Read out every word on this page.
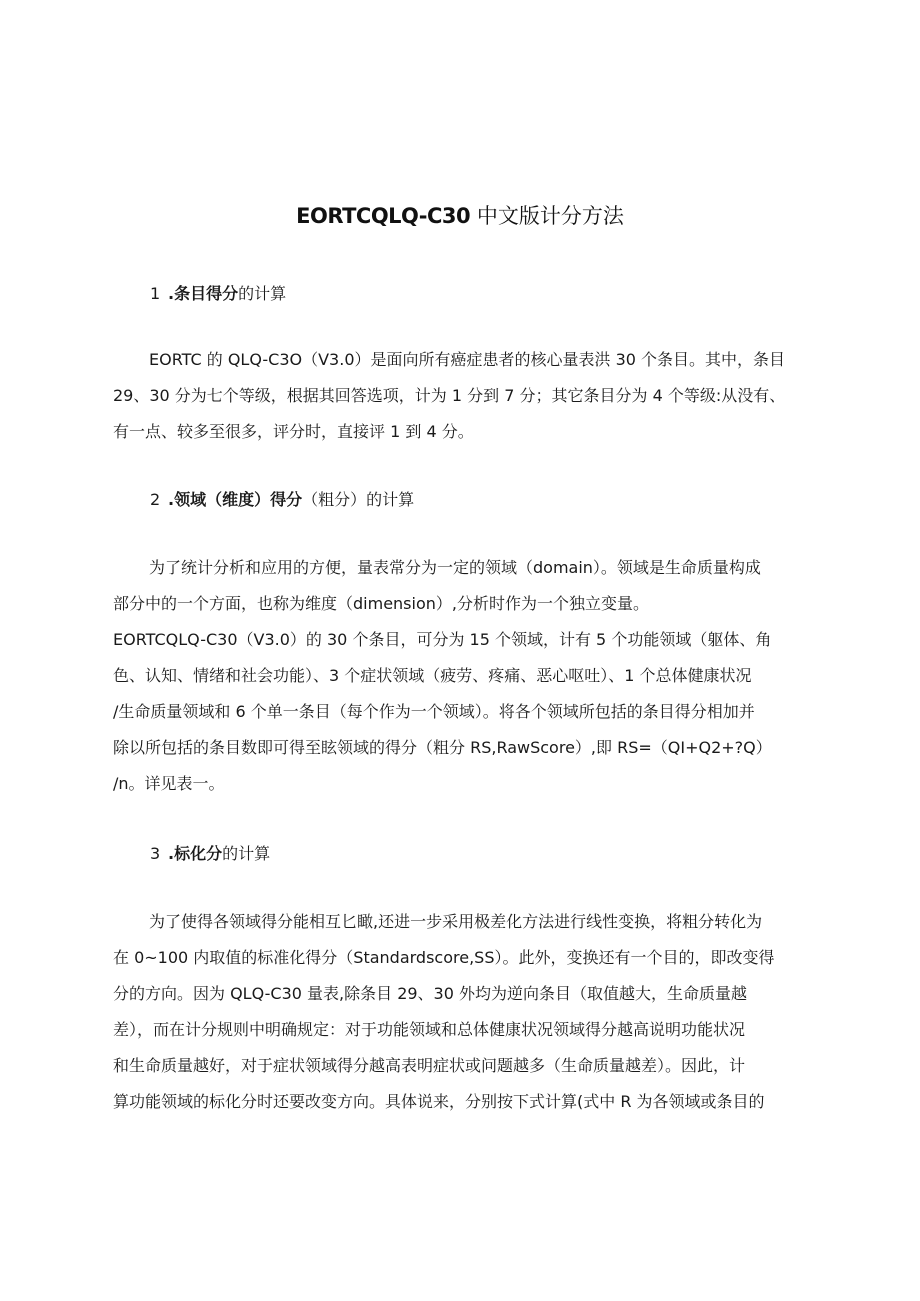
EORTCQLQ-C30 中文版计分方法
1 .条目得分的计算
EORTC 的 QLQ-C3O（V3.0）是面向所有癌症患者的核心量表洪 30 个条目。其中，条目
29、30 分为七个等级，根据其回答选项，计为 1 分到 7 分；其它条目分为 4 个等级:从没有、
有一点、较多至很多，评分时，直接评 1 到 4 分。
2 .领域（维度）得分（粗分）的计算
为了统计分析和应用的方便，量表常分为一定的领域（domain）。领域是生命质量构成
部分中的一个方面，也称为维度（dimension）,分析时作为一个独立变量。
EORTCQLQ-C30（V3.0）的 30 个条目，可分为 15 个领域，计有 5 个功能领域（躯体、角
色、认知、情绪和社会功能）、3 个症状领域（疲劳、疼痛、恶心呕吐）、1 个总体健康状况
/生命质量领域和 6 个单一条目（每个作为一个领域）。将各个领域所包括的条目得分相加并
除以所包括的条目数即可得至眩领域的得分（粗分 RS,RawScore）,即 RS=（QI+Q2+?Q）
/n。详见表一。
3 .标化分的计算
为了使得各领域得分能相互匕瞰,还进一步采用极差化方法进行线性变换，将粗分转化为
在 0~100 内取值的标准化得分（Standardscore,SS）。此外，变换还有一个目的，即改变得
分的方向。因为 QLQ-C30 量表,除条目 29、30 外均为逆向条目（取值越大，生命质量越
差），而在计分规则中明确规定：对于功能领域和总体健康状况领域得分越高说明功能状况
和生命质量越好，对于症状领域得分越高表明症状或问题越多（生命质量越差）。因此，计
算功能领域的标化分时还要改变方向。具体说来，分别按下式计算(式中 R 为各领域或条目的
